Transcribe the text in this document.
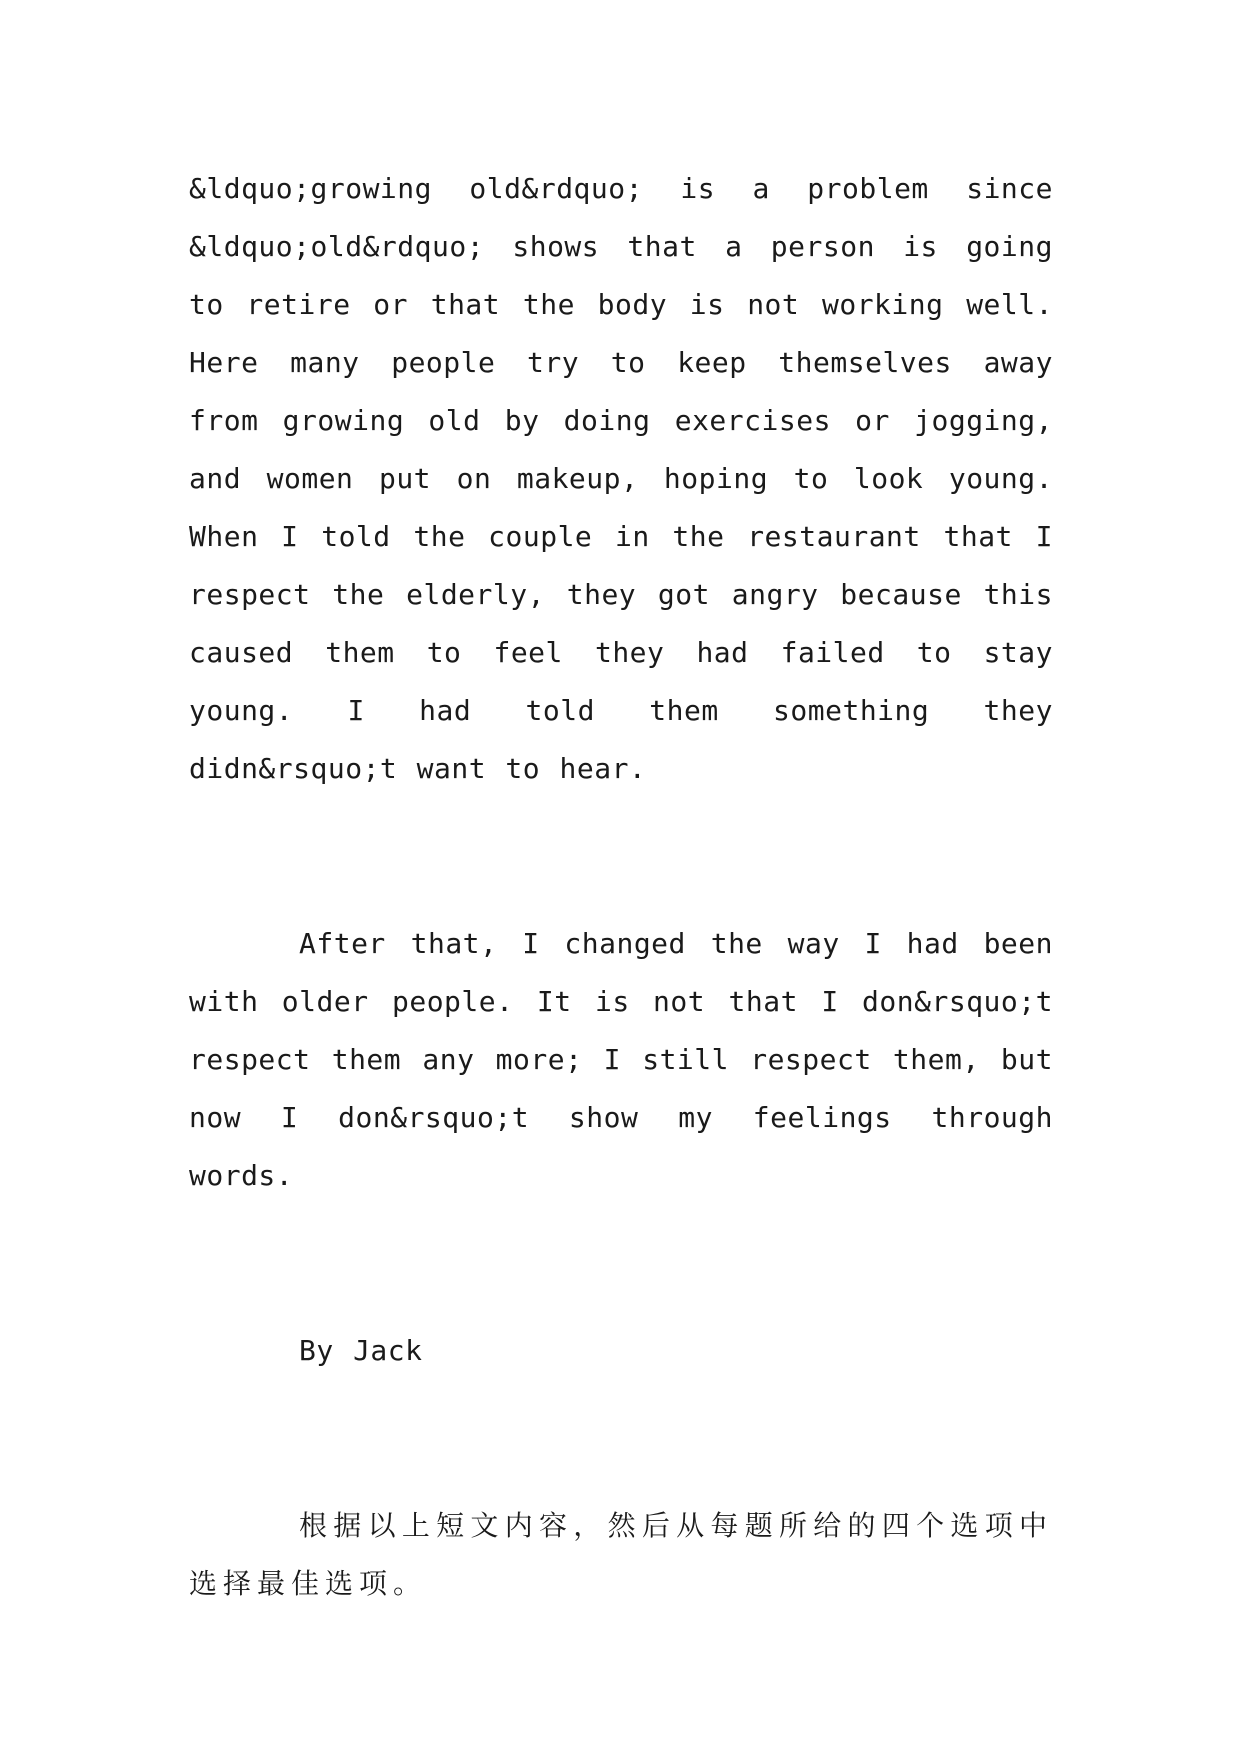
&ldquo;growing old&rdquo; is a problem since &ldquo;old&rdquo; shows that a person is going to retire or that the body is not working well. Here many people try to keep themselves away from growing old by doing exercises or jogging, and women put on makeup, hoping to look young. When I told the couple in the restaurant that I respect the elderly, they got angry because this caused them to feel they had failed to stay young. I had told them something they didn&rsquo;t want to hear.

After that, I changed the way I had been with older people. It is not that I don&rsquo;t respect them any more; I still respect them, but now I don&rsquo;t show my feelings through words.

By Jack

根据以上短文内容，然后从每题所给的四个选项中选择最佳选项。
